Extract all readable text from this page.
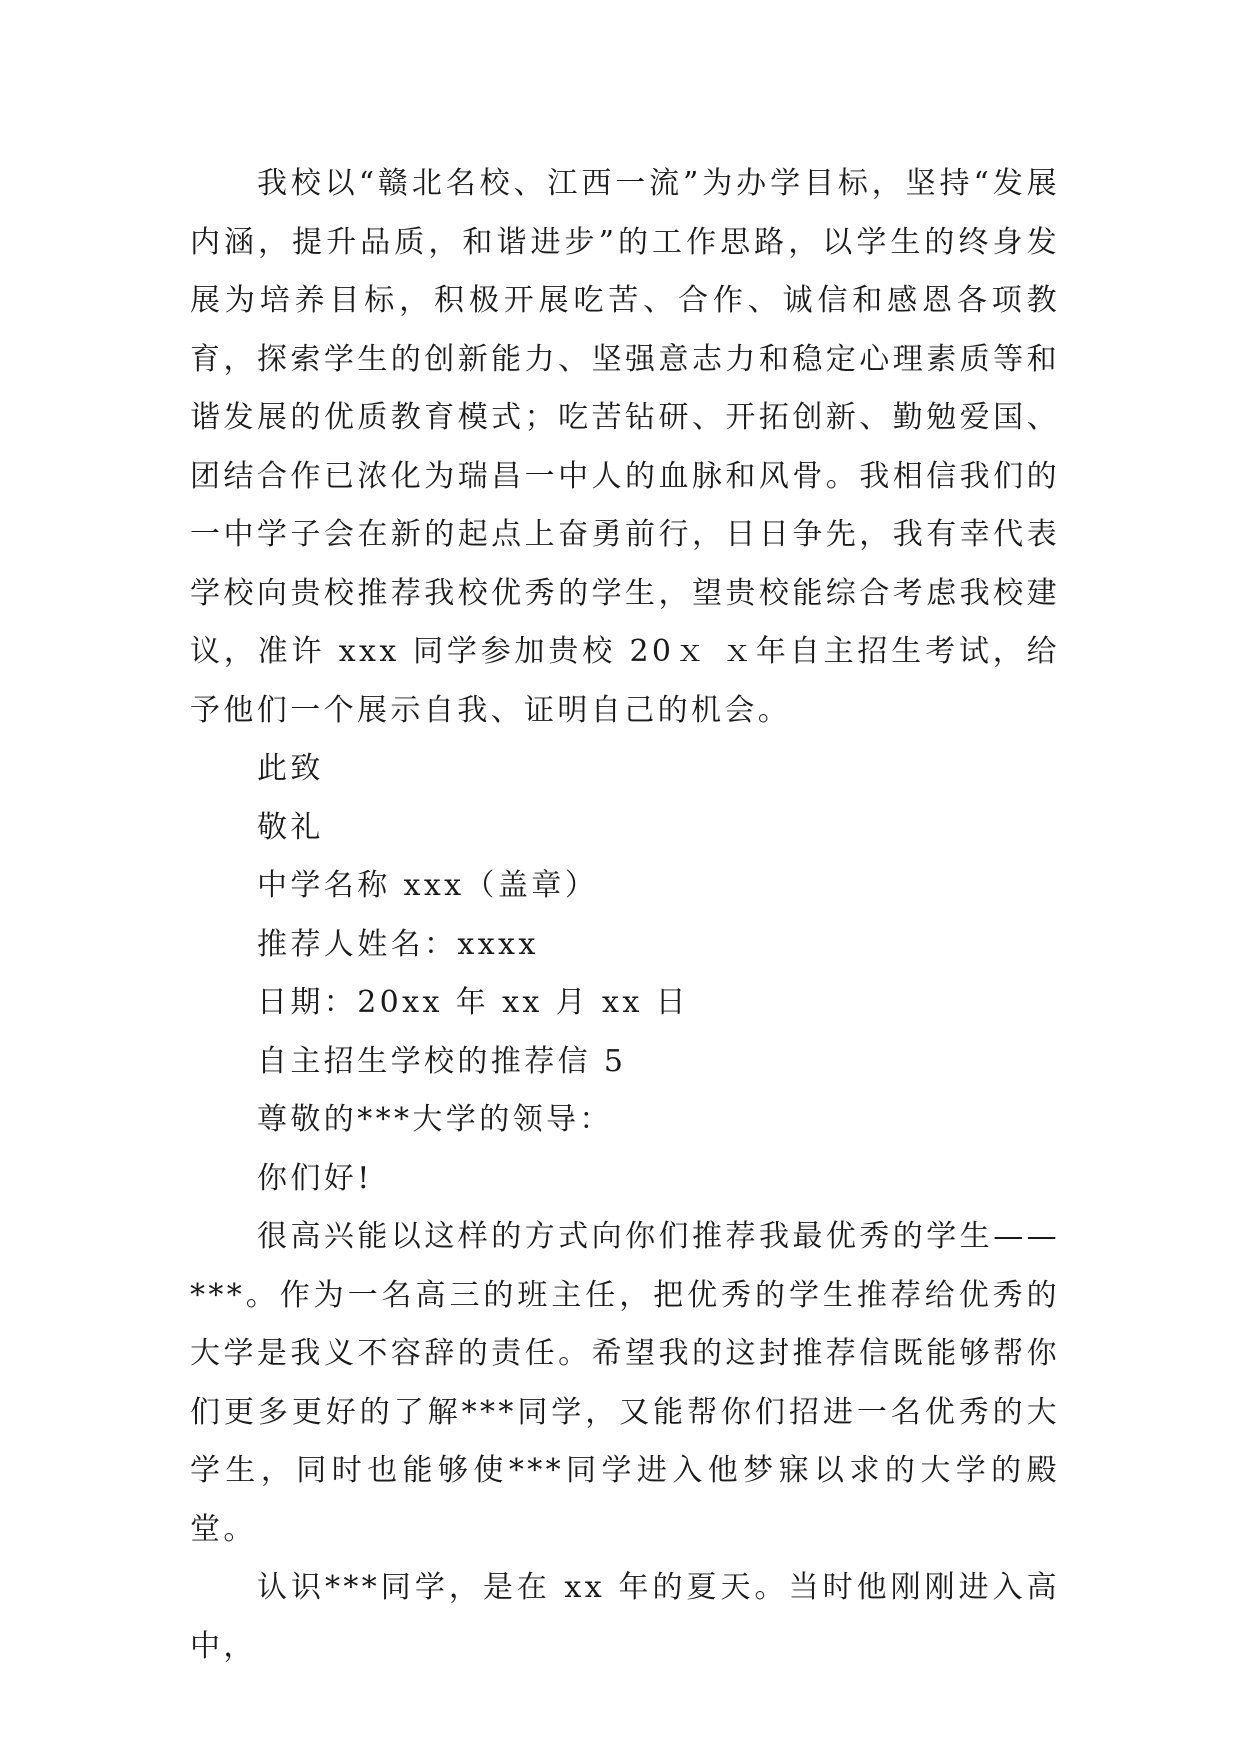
我校以“赣北名校、江西一流”为办学目标，坚持“发展内涵，提升品质，和谐进步”的工作思路，以学生的终身发展为培养目标，积极开展吃苦、合作、诚信和感恩各项教育，探索学生的创新能力、坚强意志力和稳定心理素质等和谐发展的优质教育模式；吃苦钻研、开拓创新、勤勉爱国、团结合作已浓化为瑞昌一中人的血脉和风骨。我相信我们的一中学子会在新的起点上奋勇前行，日日争先，我有幸代表学校向贵校推荐我校优秀的学生，望贵校能综合考虑我校建议，准许 xxx 同学参加贵校 20ｘ ｘ年自主招生考试，给予他们一个展示自我、证明自己的机会。

此致

敬礼

中学名称 xxx（盖章）

推荐人姓名：xxxx

日期：20xx 年 xx 月 xx 日

自主招生学校的推荐信 5

尊敬的***大学的领导：

你们好!

很高兴能以这样的方式向你们推荐我最优秀的学生——***。作为一名高三的班主任，把优秀的学生推荐给优秀的大学是我义不容辞的责任。希望我的这封推荐信既能够帮你们更多更好的了解***同学，又能帮你们招进一名优秀的大学生，同时也能够使***同学进入他梦寐以求的大学的殿堂。

认识***同学，是在 xx 年的夏天。当时他刚刚进入高中，
